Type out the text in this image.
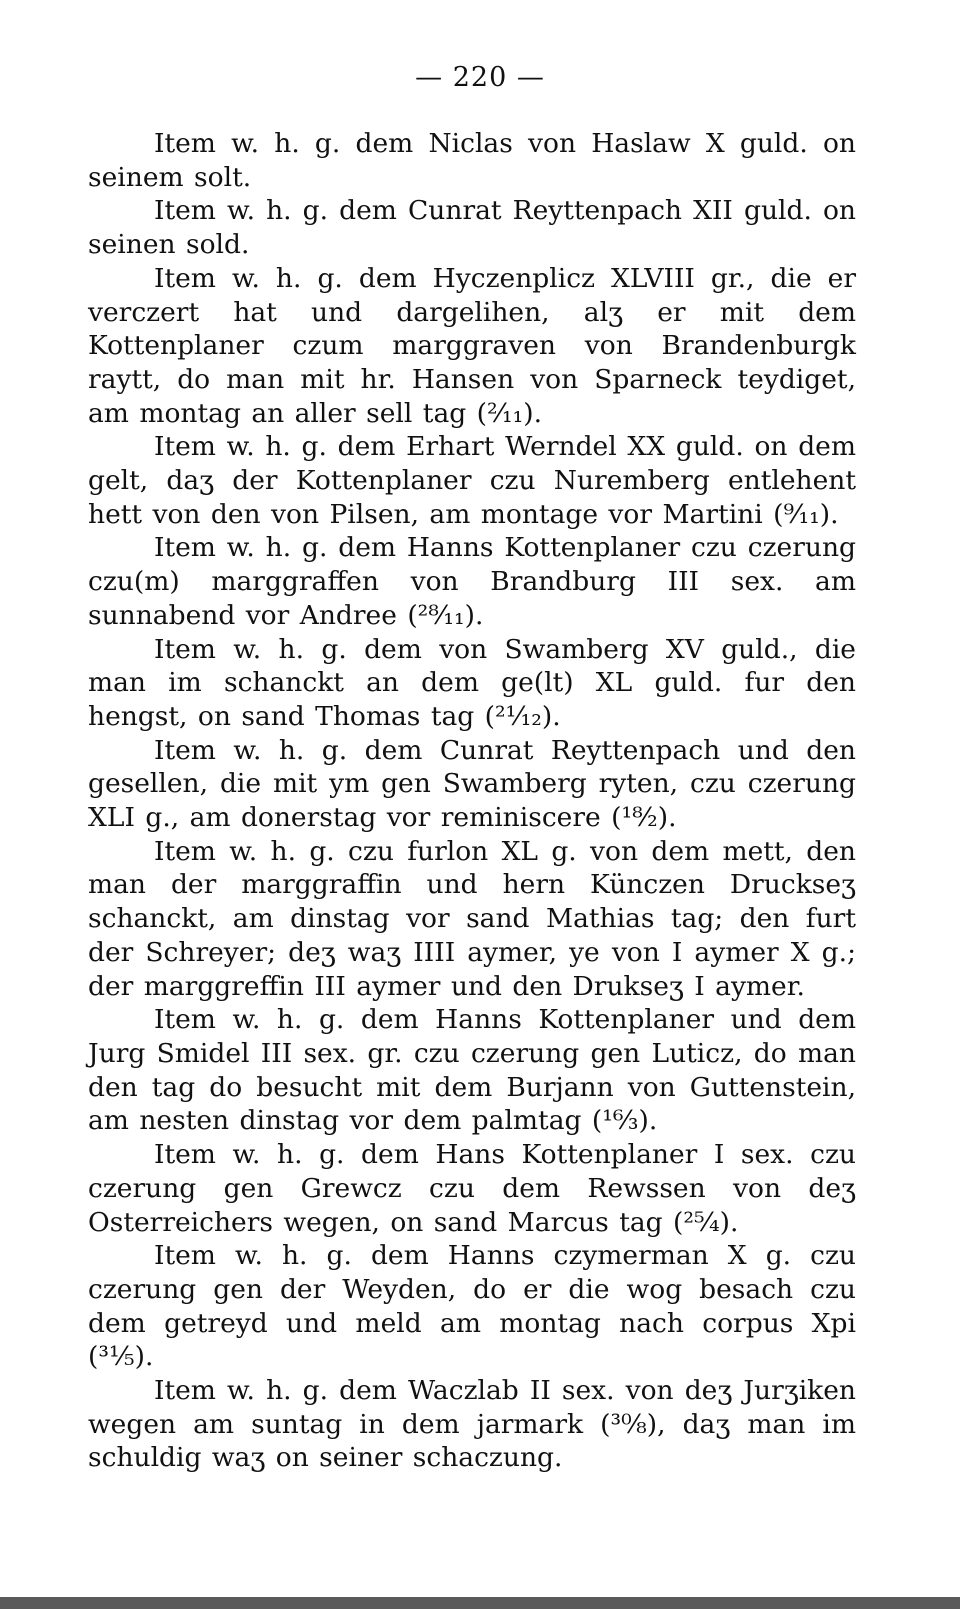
— 220 —

Item w. h. g. dem Niclas von Haslaw X guld. on seinem solt.

Item w. h. g. dem Cunrat Reyttenpach XII guld. on seinen sold.

Item w. h. g. dem Hyczenplicz XLVIII gr., die er verczert hat und dargelihen, alʒ er mit dem Kottenplaner czum marggraven von Brandenburgk raytt, do man mit hr. Hansen von Sparneck teydiget, am montag an aller sell tag (²⁄₁₁).

Item w. h. g. dem Erhart Werndel XX guld. on dem gelt, daʒ der Kottenplaner czu Nuremberg entlehent hett von den von Pilsen, am montage vor Martini (⁹⁄₁₁).

Item w. h. g. dem Hanns Kottenplaner czu czerung czu(m) marggraffen von Brandburg III sex. am sunnabend vor Andree (²⁸⁄₁₁).

Item w. h. g. dem von Swamberg XV guld., die man im schanckt an dem ge(lt) XL guld. fur den hengst, on sand Thomas tag (²¹⁄₁₂).

Item w. h. g. dem Cunrat Reyttenpach und den gesellen, die mit ym gen Swamberg ryten, czu czerung XLI g., am donerstag vor reminiscere (¹⁸⁄₂).

Item w. h. g. czu furlon XL g. von dem mett, den man der marggraffin und hern Künczen Druckseʒ schanckt, am dinstag vor sand Mathias tag; den furt der Schreyer; deʒ waʒ IIII aymer, ye von I aymer X g.; der marggreffin III aymer und den Drukseʒ I aymer.

Item w. h. g. dem Hanns Kottenplaner und dem Jurg Smidel III sex. gr. czu czerung gen Luticz, do man den tag do besucht mit dem Burjann von Guttenstein, am nesten dinstag vor dem palmtag (¹⁶⁄₃).

Item w. h. g. dem Hans Kottenplaner I sex. czu czerung gen Grewcz czu dem Rewssen von deʒ Osterreichers wegen, on sand Marcus tag (²⁵⁄₄).

Item w. h. g. dem Hanns czymerman X g. czu czerung gen der Weyden, do er die wog besach czu dem getreyd und meld am montag nach corpus Xpi (³¹⁄₅).

Item w. h. g. dem Waczlab II sex. von deʒ Jurʒiken wegen am suntag in dem jarmark (³⁰⁄₈), daʒ man im schuldig waʒ on seiner schaczung.
